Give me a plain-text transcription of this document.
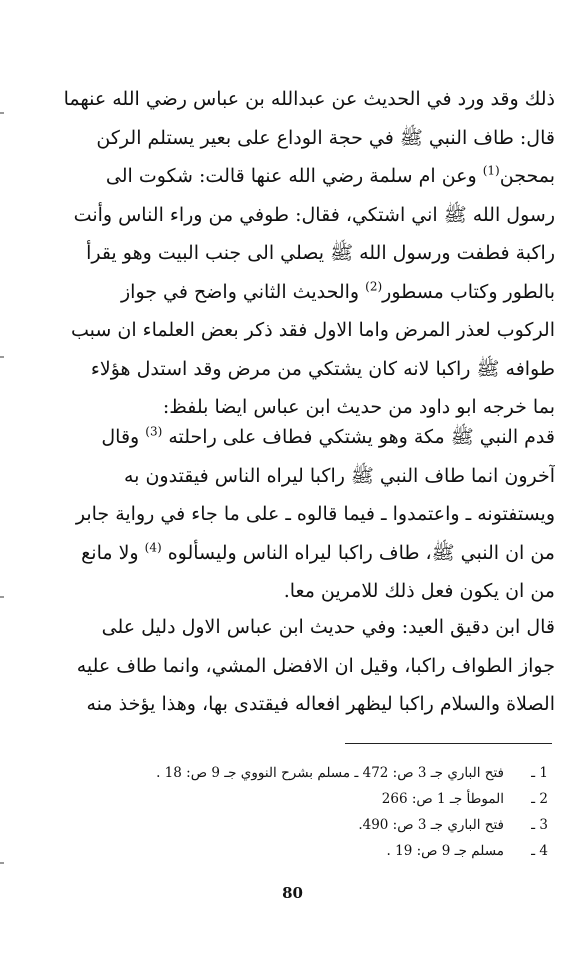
ذلك وقد ورد في الحديث عن عبدالله بن عباس رضي الله عنهما
قال: طاف النبي ﷺ في حجة الوداع على بعير يستلم الركن
بمحجن$^{(1)}$ وعن ام سلمة رضي الله عنها قالت: شكوت الى
رسول الله ﷺ اني اشتكي، فقال: طوفي من وراء الناس وأنت
راكبة فطفت ورسول الله ﷺ يصلي الى جنب البيت وهو يقرأ
بالطور وكتاب مسطور$^{(2)}$ والحديث الثاني واضح في جواز
الركوب لعذر المرض واما الاول فقد ذكر بعض العلماء ان سبب
طوافه ﷺ راكبا لانه كان يشتكي من مرض وقد استدل هؤلاء
بما خرجه ابو داود من حديث ابن عباس ايضا بلفظ:
قدم النبي ﷺ مكة وهو يشتكي فطاف على راحلته $^{(3)}$ وقال
آخرون انما طاف النبي ﷺ راكبا ليراه الناس فيقتدون به
ويستفتونه ـ واعتمدوا ـ فيما قالوه ـ على ما جاء في رواية جابر
من ان النبي ﷺ، طاف راكبا ليراه الناس وليسألوه $^{(4)}$ ولا مانع
من ان يكون فعل ذلك للامرين معا.
قال ابن دقيق العيد: وفي حديث ابن عباس الاول دليل على
جواز الطواف راكبا، وقيل ان الافضل المشي، وانما طاف عليه
الصلاة والسلام راكبا ليظهر افعاله فيقتدى بها، وهذا يؤخذ منه
1 ـفتح الباري جـ 3 ص: 472 ـ مسلم بشرح النووي جـ 9 ص: 18 .
2 ـالموطأ جـ 1 ص: 266
3 ـفتح الباري جـ 3 ص: 490.
4 ـمسلم جـ 9 ص: 19 .
80
